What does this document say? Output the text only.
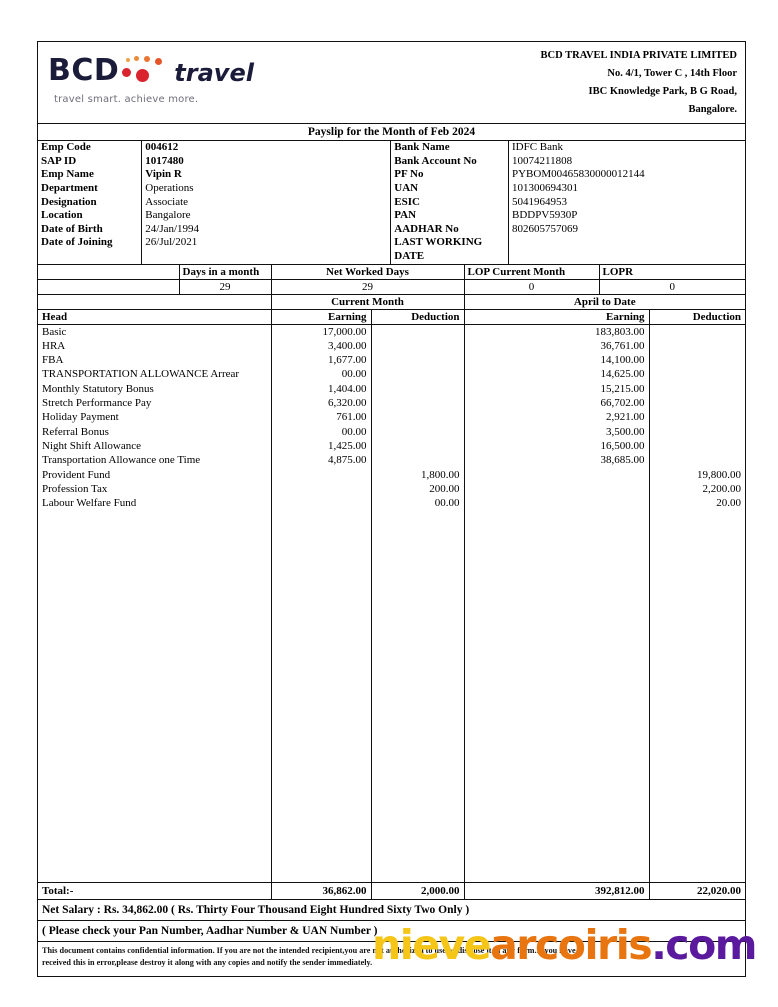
BCD travel
travel smart. achieve more.
BCD TRAVEL INDIA PRIVATE LIMITED
No. 4/1, Tower C , 14th Floor
IBC Knowledge Park, B G Road,
Bangalore.
Payslip for the Month of Feb 2024
Emp Code	004612	Bank Name	IDFC Bank
SAP ID	1017480	Bank Account No	10074211808
Emp Name	Vipin R	PF No	PYBOM00465830000012144
Department	Operations	UAN	101300694301
Designation	Associate	ESIC	5041964953
Location	Bangalore	PAN	BDDPV5930P
Date of Birth	24/Jan/1994	AADHAR No	802605757069
Date of Joining	26/Jul/2021	LAST WORKING DATE	
	Days in a month	Net Worked Days	LOP Current Month	LOPR
	29	29	0	0
	Current Month		April to Date	
Head	Earning	Deduction	Earning	Deduction
Basic	17,000.00		183,803.00	
HRA	3,400.00		36,761.00	
FBA	1,677.00		14,100.00	
TRANSPORTATION ALLOWANCE Arrear	00.00		14,625.00	
Monthly Statutory Bonus	1,404.00		15,215.00	
Stretch Performance Pay	6,320.00		66,702.00	
Holiday Payment	761.00		2,921.00	
Referral Bonus	00.00		3,500.00	
Night Shift Allowance	1,425.00		16,500.00	
Transportation Allowance one Time	4,875.00		38,685.00	
Provident Fund		1,800.00		19,800.00
Profession Tax		200.00		2,200.00
Labour Welfare Fund		00.00		20.00

Total:-	36,862.00	2,000.00	392,812.00	22,020.00
Net Salary : Rs. 34,862.00 ( Rs. Thirty Four Thousand Eight Hundred Sixty Two Only )
( Please check your Pan Number, Aadhar Number & UAN Number )
This document contains confidential information. If you are not the intended recipient,you are not authorized to use or disclose it in any form.If you have
received this in error,please destroy it along with any copies and notify the sender immediately. nievearcoiris.com
